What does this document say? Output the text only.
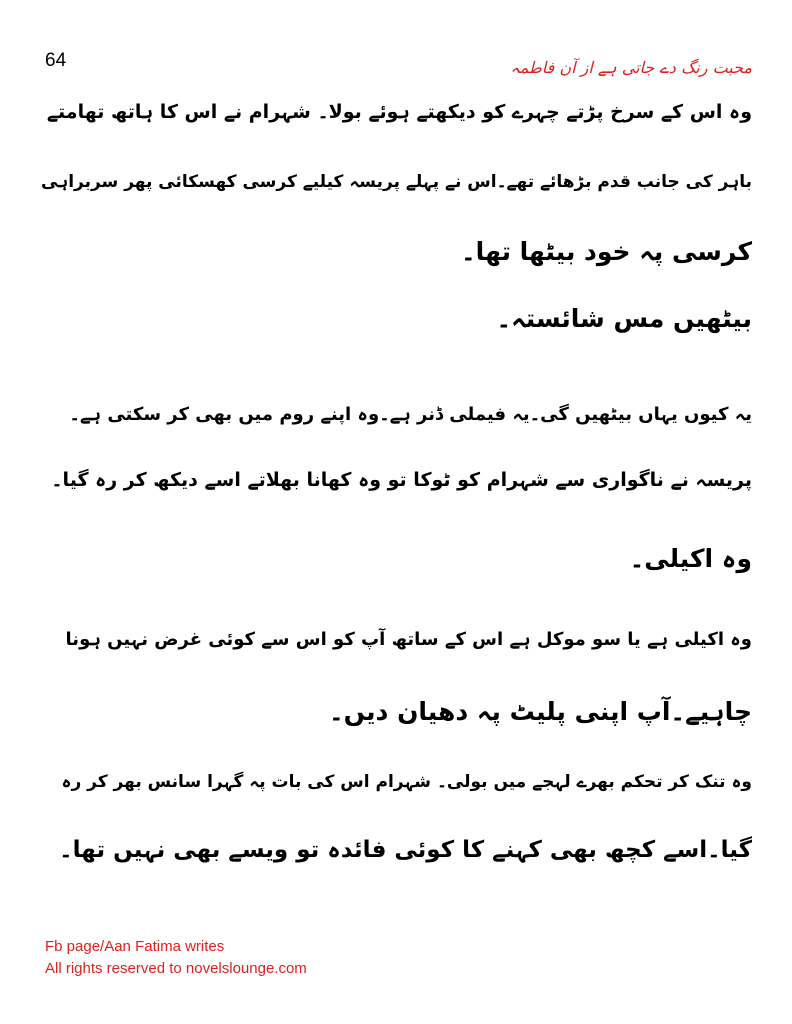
64	محبت رنگ دے جاتی ہے از آن فاطمہ
وہ اس کے سرخ پڑتے چہرے کو دیکھتے ہوئے بولا۔ شہرام نے اس کا ہاتھ تھامتے
باہر کی جانب قدم بڑھائے تھے۔اس نے پہلے پریسہ کیلیے کرسی کھسکائی پھر سربراہی
کرسی پہ خود بیٹھا تھا۔
بیٹھیں مس شائستہ۔
یہ کیوں یہاں بیٹھیں گی۔یہ فیملی ڈنر ہے۔وہ اپنے روم میں بھی کر سکتی ہے۔
پریسہ نے ناگواری سے شہرام کو ٹوکا تو وہ کھانا بھلاتے اسے دیکھ کر رہ گیا۔
وہ اکیلی۔
وہ اکیلی ہے یا سو موکل ہے اس کے ساتھ آپ کو اس سے کوئی غرض نہیں ہونا
چاہیے۔آپ اپنی پلیٹ پہ دھیان دیں۔
وہ تنک کر تحکم بھرے لہجے میں بولی۔ شہرام اس کی بات پہ گہرا سانس بھر کر رہ
گیا۔اسے کچھ بھی کہنے کا کوئی فائدہ تو ویسے بھی نہیں تھا۔
Fb page/Aan Fatima writes
All rights reserved to novelslounge.com
